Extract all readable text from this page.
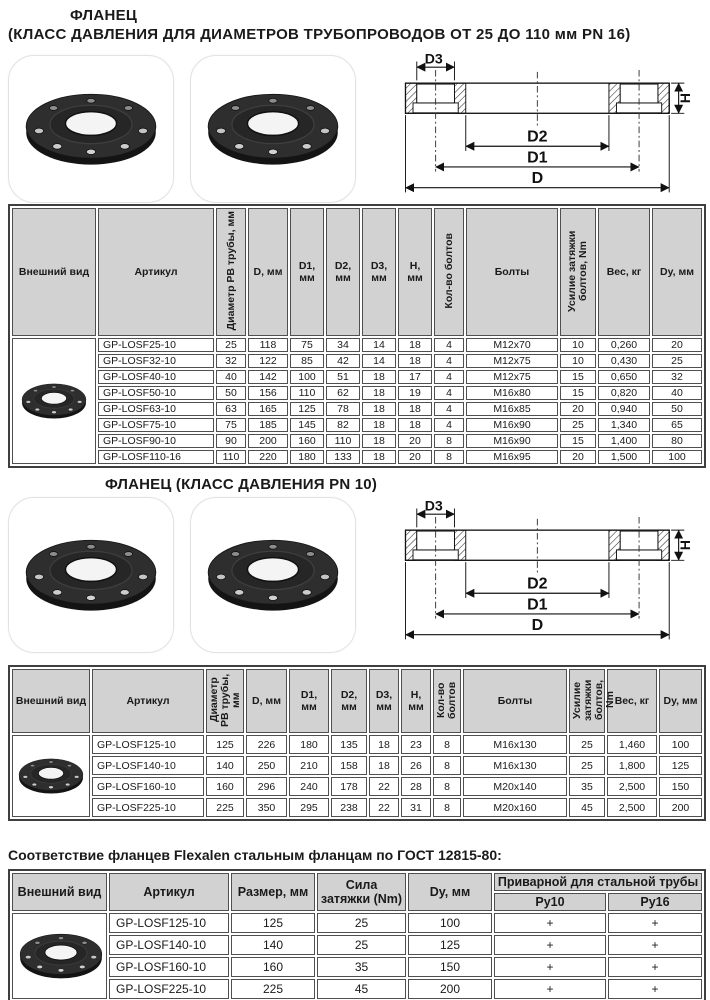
ФЛАНЕЦ
(КЛАСС ДАВЛЕНИЯ ДЛЯ ДИАМЕТРОВ ТРУБОПРОВОДОВ ОТ 25 ДО 110 мм PN 16)
Внешний вид	Артикул	Диаметр РВ трубы, мм	D, мм	D1, мм	D2, мм	D3, мм	H, мм	Кол-во болтов	Болты	Усилие затяжки болтов, Nm	Вес, кг	Dy, мм

	GP-LOSF25-10	25	118	75	34	14	18	4	M12x70	10	0,260	20
	GP-LOSF32-10	32	122	85	42	14	18	4	M12x75	10	0,430	25
	GP-LOSF40-10	40	142	100	51	18	17	4	M12x75	15	0,650	32
	GP-LOSF50-10	50	156	110	62	18	19	4	M16x80	15	0,820	40
	GP-LOSF63-10	63	165	125	78	18	18	4	M16x85	20	0,940	50
	GP-LOSF75-10	75	185	145	82	18	18	4	M16x90	25	1,340	65
	GP-LOSF90-10	90	200	160	110	18	20	8	M16x90	15	1,400	80
	GP-LOSF110-16	110	220	180	133	18	20	8	M16x95	20	1,500	100
ФЛАНЕЦ (КЛАСС ДАВЛЕНИЯ PN 10)
Внешний вид	Артикул	Диаметр РВ трубы, мм	D, мм	D1, мм	D2, мм	D3, мм	H, мм	Кол-во болтов	Болты	Усилие затяжки болтов, Nm	Вес, кг	Dy, мм

	GP-LOSF125-10	125	226	180	135	18	23	8	M16x130	25	1,460	100
	GP-LOSF140-10	140	250	210	158	18	26	8	M16x130	25	1,800	125
	GP-LOSF160-10	160	296	240	178	22	28	8	M20x140	35	2,500	150
	GP-LOSF225-10	225	350	295	238	22	31	8	M20x160	45	2,500	200
Соответствие фланцев Flexalen стальным фланцам по ГОСТ 12815-80:
Внешний вид	Артикул	Размер, мм	Сила затяжки (Nm)	Dy, мм	Приварной для стальной трубы	
					Ру10	Ру16

	GP-LOSF125-10	125	25	100	+	+
	GP-LOSF140-10	140	25	125	+	+
	GP-LOSF160-10	160	35	150	+	+
	GP-LOSF225-10	225	45	200	+	+
